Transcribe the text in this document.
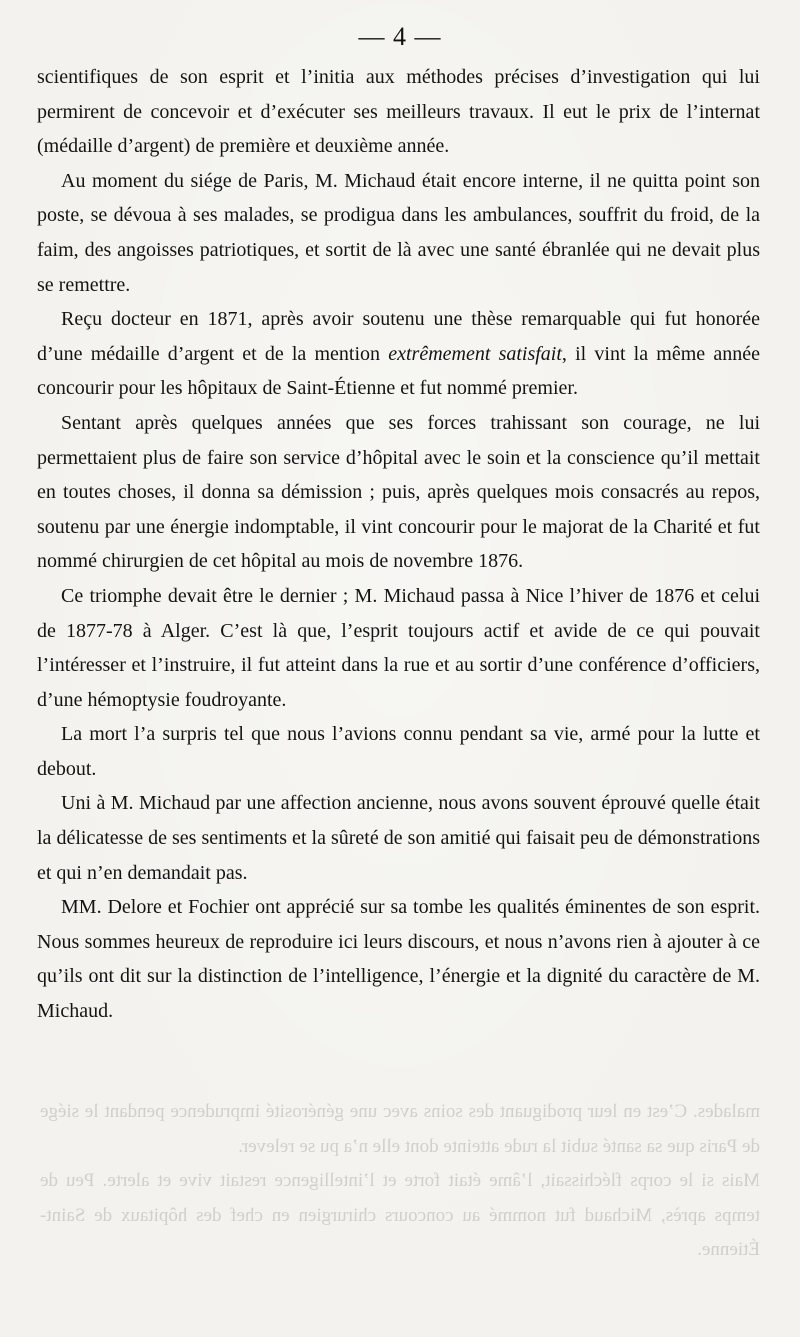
malades. C’est en leur prodiguant des soins avec une générosité imprudence pendant le siége de Paris que sa santé subit la rude atteinte dont elle n’a pu se relever.

Mais si le corps fléchissait, l’âme était forte et l’intelligence restait vive et alerte. Peu de temps après, Michaud fut nommé au concours chirurgien en chef des hôpitaux de Saint-Étienne.

— 4 —

scientifiques de son esprit et l’initia aux méthodes précises d’investigation qui lui permirent de concevoir et d’exécuter ses meilleurs travaux. Il eut le prix de l’internat (médaille d’argent) de première et deuxième année.

Au moment du siége de Paris, M. Michaud était encore interne, il ne quitta point son poste, se dévoua à ses malades, se prodigua dans les ambulances, souffrit du froid, de la faim, des angoisses patriotiques, et sortit de là avec une santé ébranlée qui ne devait plus se remettre.

Reçu docteur en 1871, après avoir soutenu une thèse remarquable qui fut honorée d’une médaille d’argent et de la mention extrêmement satisfait, il vint la même année concourir pour les hôpitaux de Saint-Étienne et fut nommé premier.

Sentant après quelques années que ses forces trahissant son courage, ne lui permettaient plus de faire son service d’hôpital avec le soin et la conscience qu’il mettait en toutes choses, il donna sa démission ; puis, après quelques mois consacrés au repos, soutenu par une énergie indomptable, il vint concourir pour le majorat de la Charité et fut nommé chirurgien de cet hôpital au mois de novembre 1876.

Ce triomphe devait être le dernier ; M. Michaud passa à Nice l’hiver de 1876 et celui de 1877-78 à Alger. C’est là que, l’esprit toujours actif et avide de ce qui pouvait l’intéresser et l’instruire, il fut atteint dans la rue et au sortir d’une conférence d’officiers, d’une hémoptysie foudroyante.

La mort l’a surpris tel que nous l’avions connu pendant sa vie, armé pour la lutte et debout.

Uni à M. Michaud par une affection ancienne, nous avons souvent éprouvé quelle était la délicatesse de ses sentiments et la sûreté de son amitié qui faisait peu de démonstrations et qui n’en demandait pas.

MM. Delore et Fochier ont apprécié sur sa tombe les qualités éminentes de son esprit. Nous sommes heureux de reproduire ici leurs discours, et nous n’avons rien à ajouter à ce qu’ils ont dit sur la distinction de l’intelligence, l’énergie et la dignité du caractère de M. Michaud.
